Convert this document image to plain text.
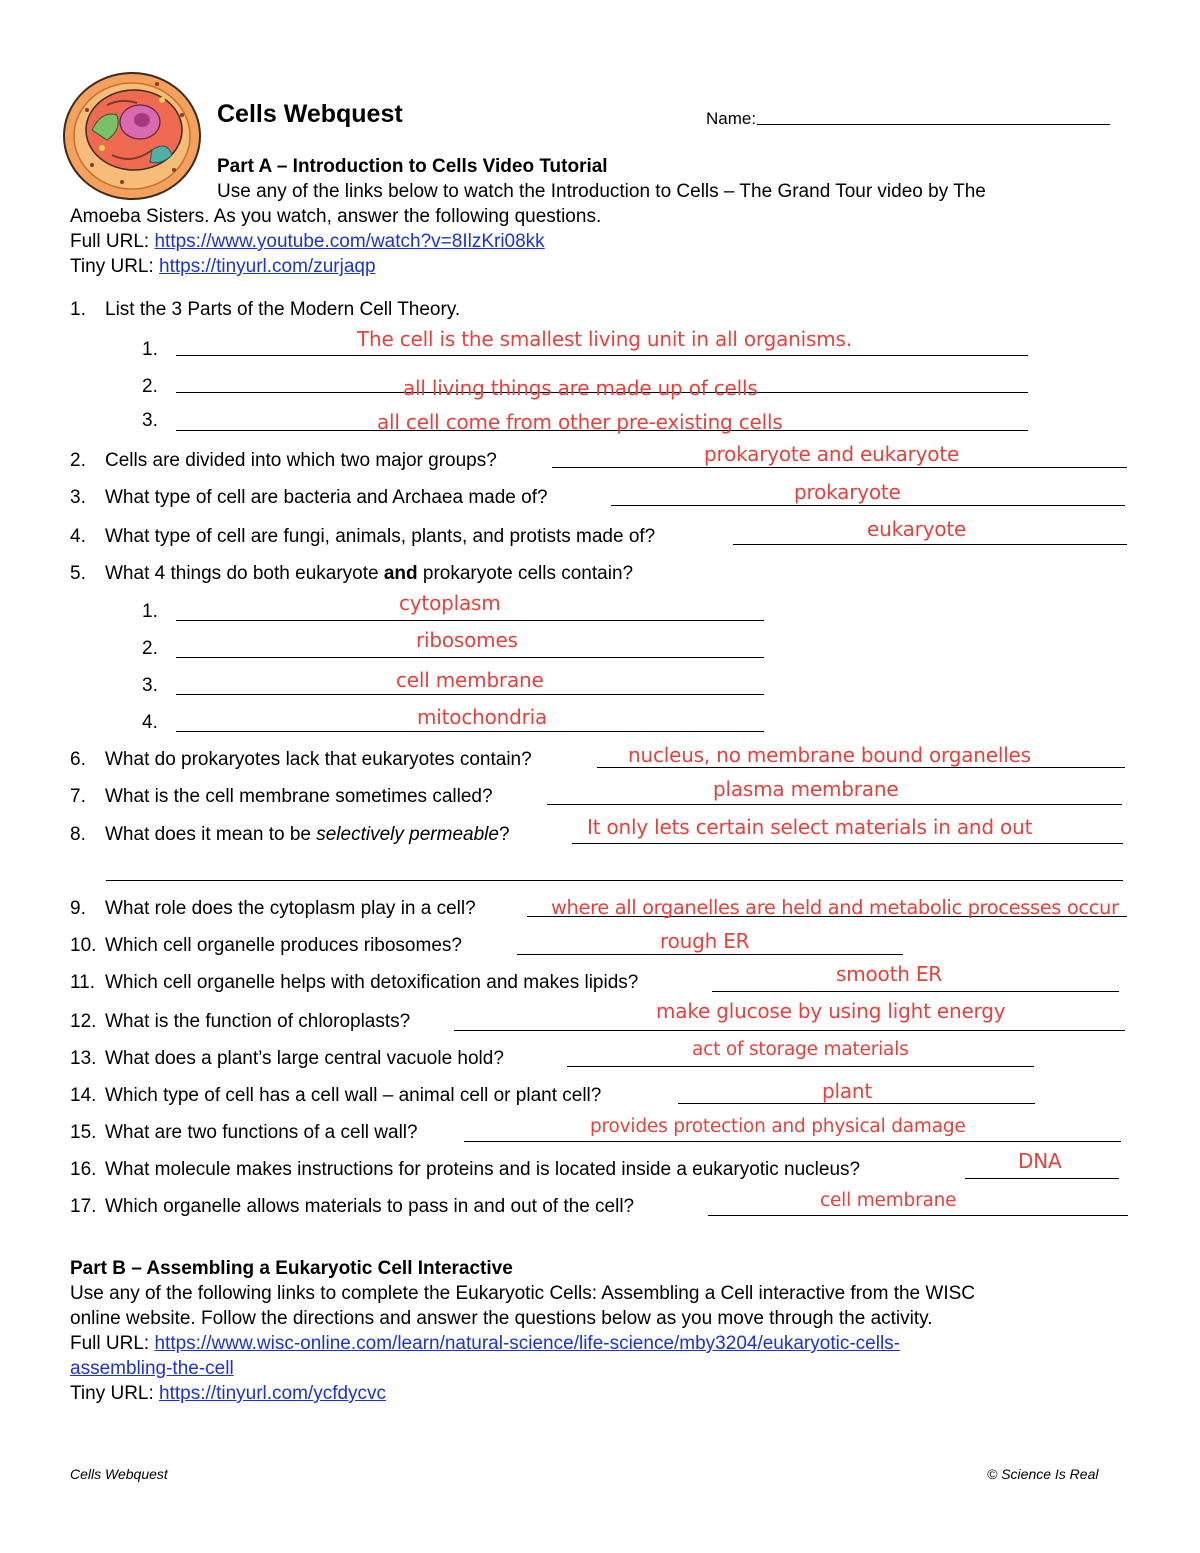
Cells Webquest	Name:
Part A – Introduction to Cells Video Tutorial
Use any of the links below to watch the Introduction to Cells – The Grand Tour video by The
Amoeba Sisters. As you watch, answer the following questions.
Full URL: https://www.youtube.com/watch?v=8IlzKri08kk
Tiny URL: https://tinyurl.com/zurjaqp
1. List the 3 Parts of the Modern Cell Theory.
1.	The cell is the smallest living unit in all organisms.
2.	all living things are made up of cells
3.	all cell come from other pre-existing cells
2. Cells are divided into which two major groups?	prokaryote and eukaryote
3. What type of cell are bacteria and Archaea made of?	prokaryote
4. What type of cell are fungi, animals, plants, and protists made of?	eukaryote
5. What 4 things do both eukaryote and prokaryote cells contain?
1.	cytoplasm
2.	ribosomes
3.	cell membrane
4.	mitochondria
6. What do prokaryotes lack that eukaryotes contain?	nucleus, no membrane bound organelles
7. What is the cell membrane sometimes called?	plasma membrane
8. What does it mean to be selectively permeable?	It only lets certain select materials in and out
9. What role does the cytoplasm play in a cell?	where all organelles are held and metabolic processes occur
10. Which cell organelle produces ribosomes?	rough ER
11. Which cell organelle helps with detoxification and makes lipids?	smooth ER
12. What is the function of chloroplasts?	make glucose by using light energy
13. What does a plant’s large central vacuole hold?	act of storage materials
14. Which type of cell has a cell wall – animal cell or plant cell?	plant
15. What are two functions of a cell wall?	provides protection and physical damage
16. What molecule makes instructions for proteins and is located inside a eukaryotic nucleus?	DNA
17. Which organelle allows materials to pass in and out of the cell?	cell membrane
Part B – Assembling a Eukaryotic Cell Interactive
Use any of the following links to complete the Eukaryotic Cells: Assembling a Cell interactive from the WISC
online website. Follow the directions and answer the questions below as you move through the activity.
Full URL: https://www.wisc-online.com/learn/natural-science/life-science/mby3204/eukaryotic-cells-
assembling-the-cell
Tiny URL: https://tinyurl.com/ycfdycvc
Cells Webquest	© Science Is Real
